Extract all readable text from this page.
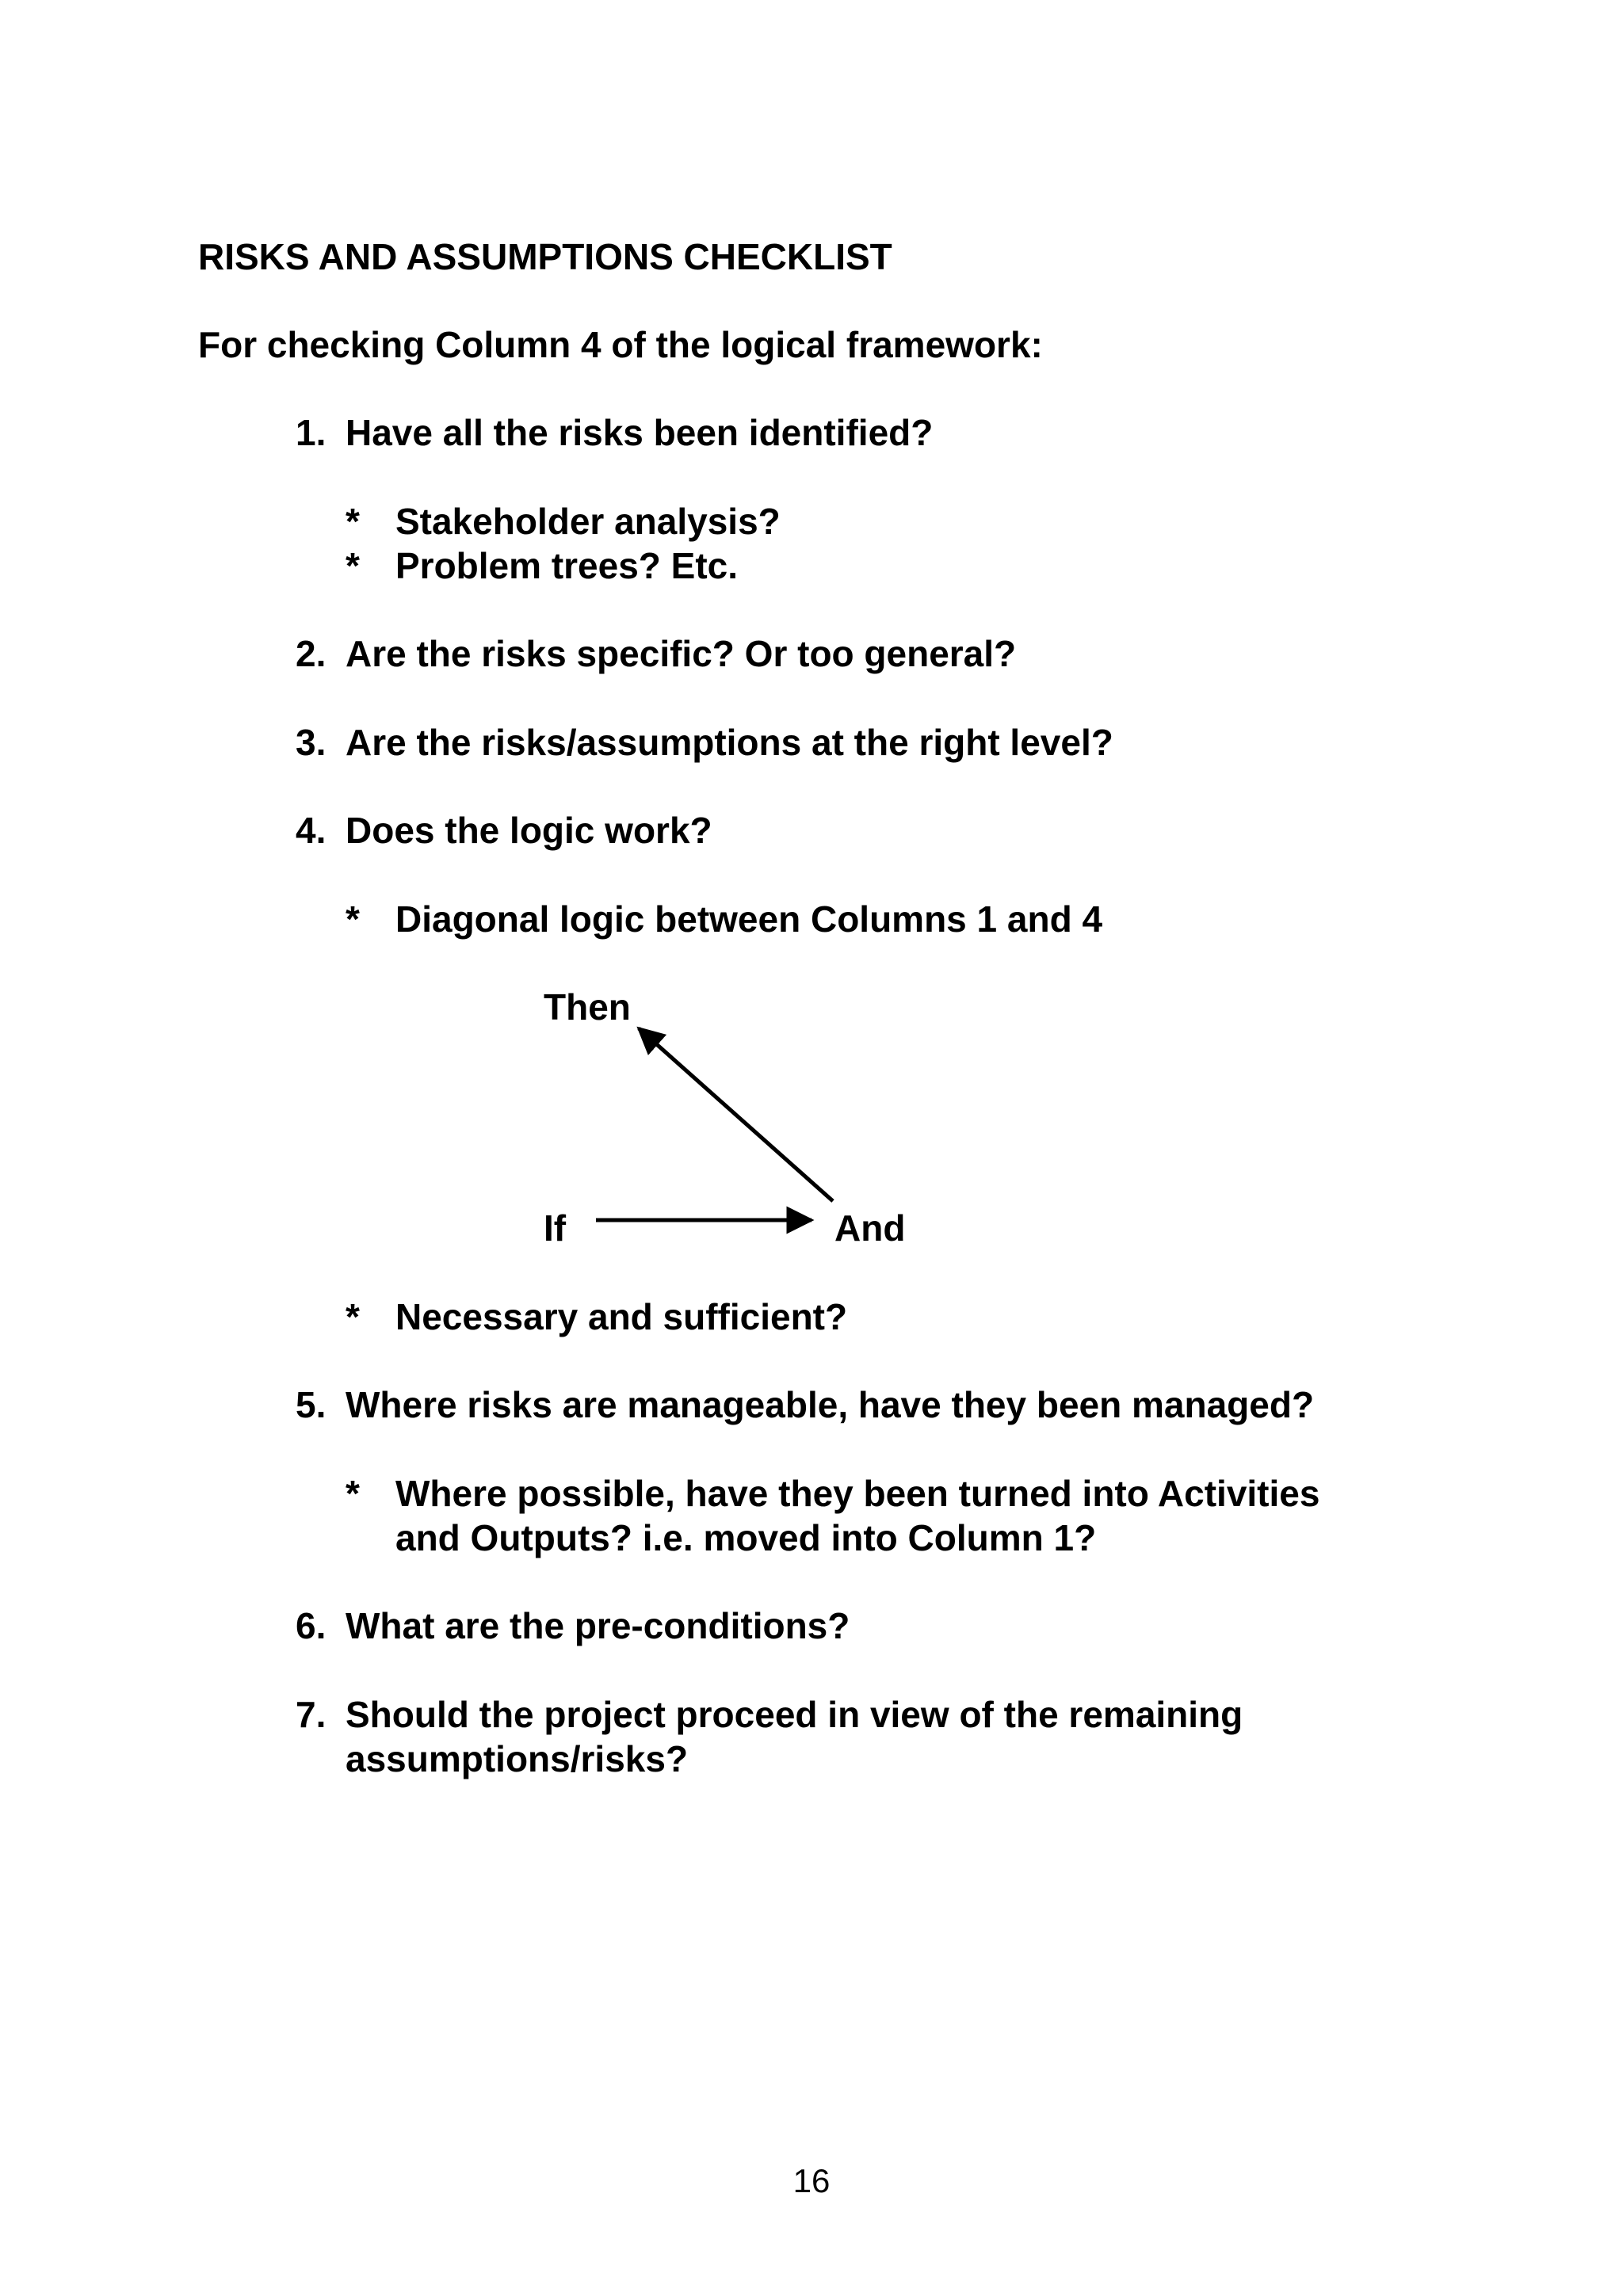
RISKS AND ASSUMPTIONS CHECKLIST
For checking Column 4 of the logical framework:
1. Have all the risks been identified?
* Stakeholder analysis?
* Problem trees? Etc.
2. Are the risks specific? Or too general?
3. Are the risks/assumptions at the right level?
4. Does the logic work?
* Diagonal logic between Columns 1 and 4
Then
If	And
* Necessary and sufficient?
5. Where risks are manageable, have they been managed?
* Where possible, have they been turned into Activities
and Outputs? i.e. moved into Column 1?
6. What are the pre-conditions?
7. Should the project proceed in view of the remaining
assumptions/risks?
16
